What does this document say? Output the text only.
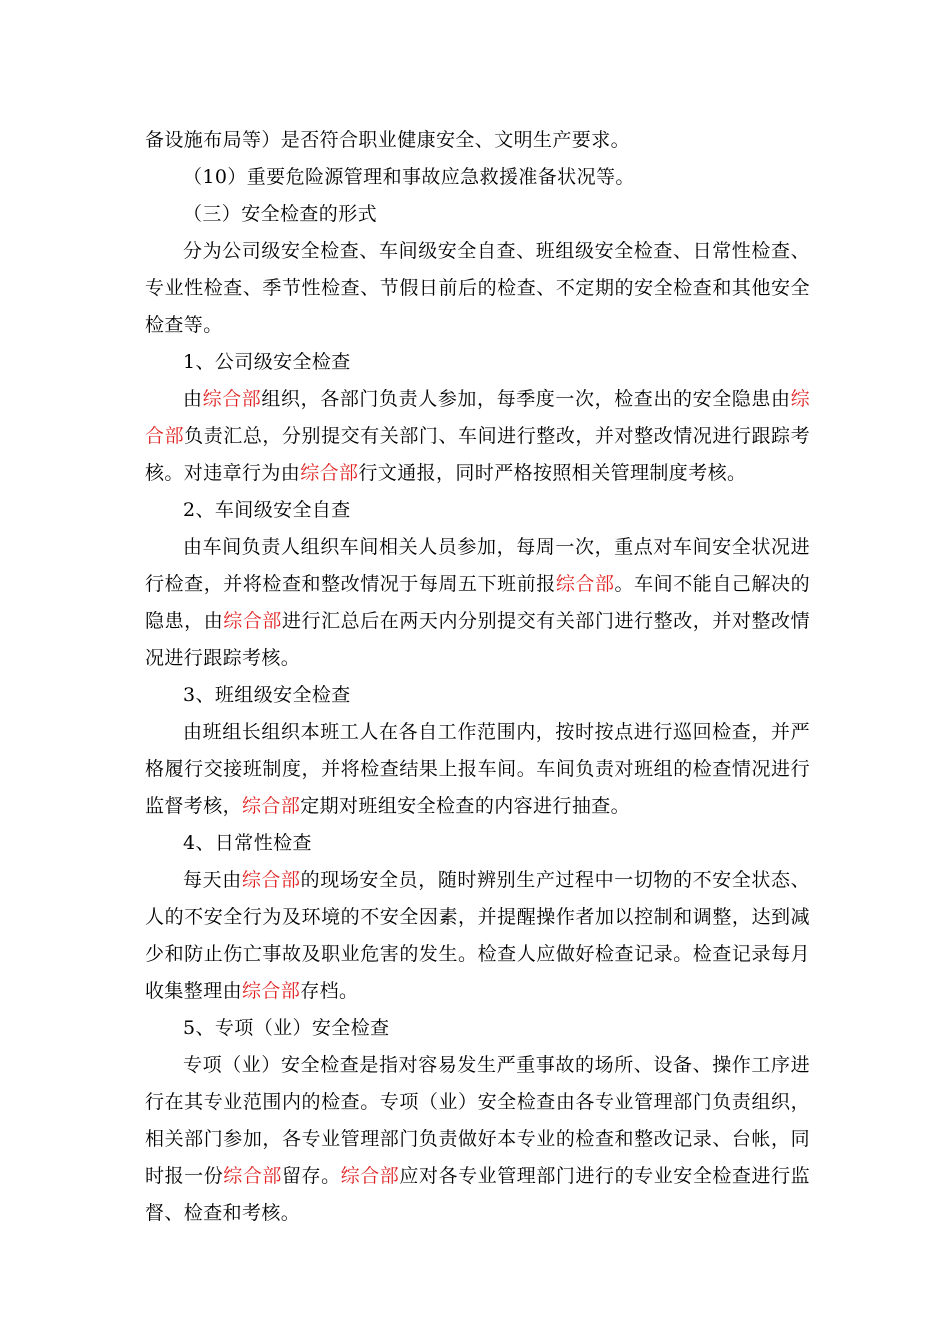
备设施布局等）是否符合职业健康安全、文明生产要求。

（10）重要危险源管理和事故应急救援准备状况等。

（三）安全检查的形式

分为公司级安全检查、车间级安全自查、班组级安全检查、日常性检查、专业性检查、季节性检查、节假日前后的检查、不定期的安全检查和其他安全检查等。

1、公司级安全检查

由综合部组织，各部门负责人参加，每季度一次，检查出的安全隐患由综合部负责汇总，分别提交有关部门、车间进行整改，并对整改情况进行跟踪考核。对违章行为由综合部行文通报，同时严格按照相关管理制度考核。

2、车间级安全自查

由车间负责人组织车间相关人员参加，每周一次，重点对车间安全状况进行检查，并将检查和整改情况于每周五下班前报综合部。车间不能自己解决的隐患，由综合部进行汇总后在两天内分别提交有关部门进行整改，并对整改情况进行跟踪考核。

3、班组级安全检查

由班组长组织本班工人在各自工作范围内，按时按点进行巡回检查，并严格履行交接班制度，并将检查结果上报车间。车间负责对班组的检查情况进行监督考核，综合部定期对班组安全检查的内容进行抽查。

4、日常性检查

每天由综合部的现场安全员，随时辨别生产过程中一切物的不安全状态、人的不安全行为及环境的不安全因素，并提醒操作者加以控制和调整，达到减少和防止伤亡事故及职业危害的发生。检查人应做好检查记录。检查记录每月收集整理由综合部存档。

5、专项（业）安全检查

专项（业）安全检查是指对容易发生严重事故的场所、设备、操作工序进行在其专业范围内的检查。专项（业）安全检查由各专业管理部门负责组织，相关部门参加，各专业管理部门负责做好本专业的检查和整改记录、台帐，同时报一份综合部留存。综合部应对各专业管理部门进行的专业安全检查进行监督、检查和考核。
